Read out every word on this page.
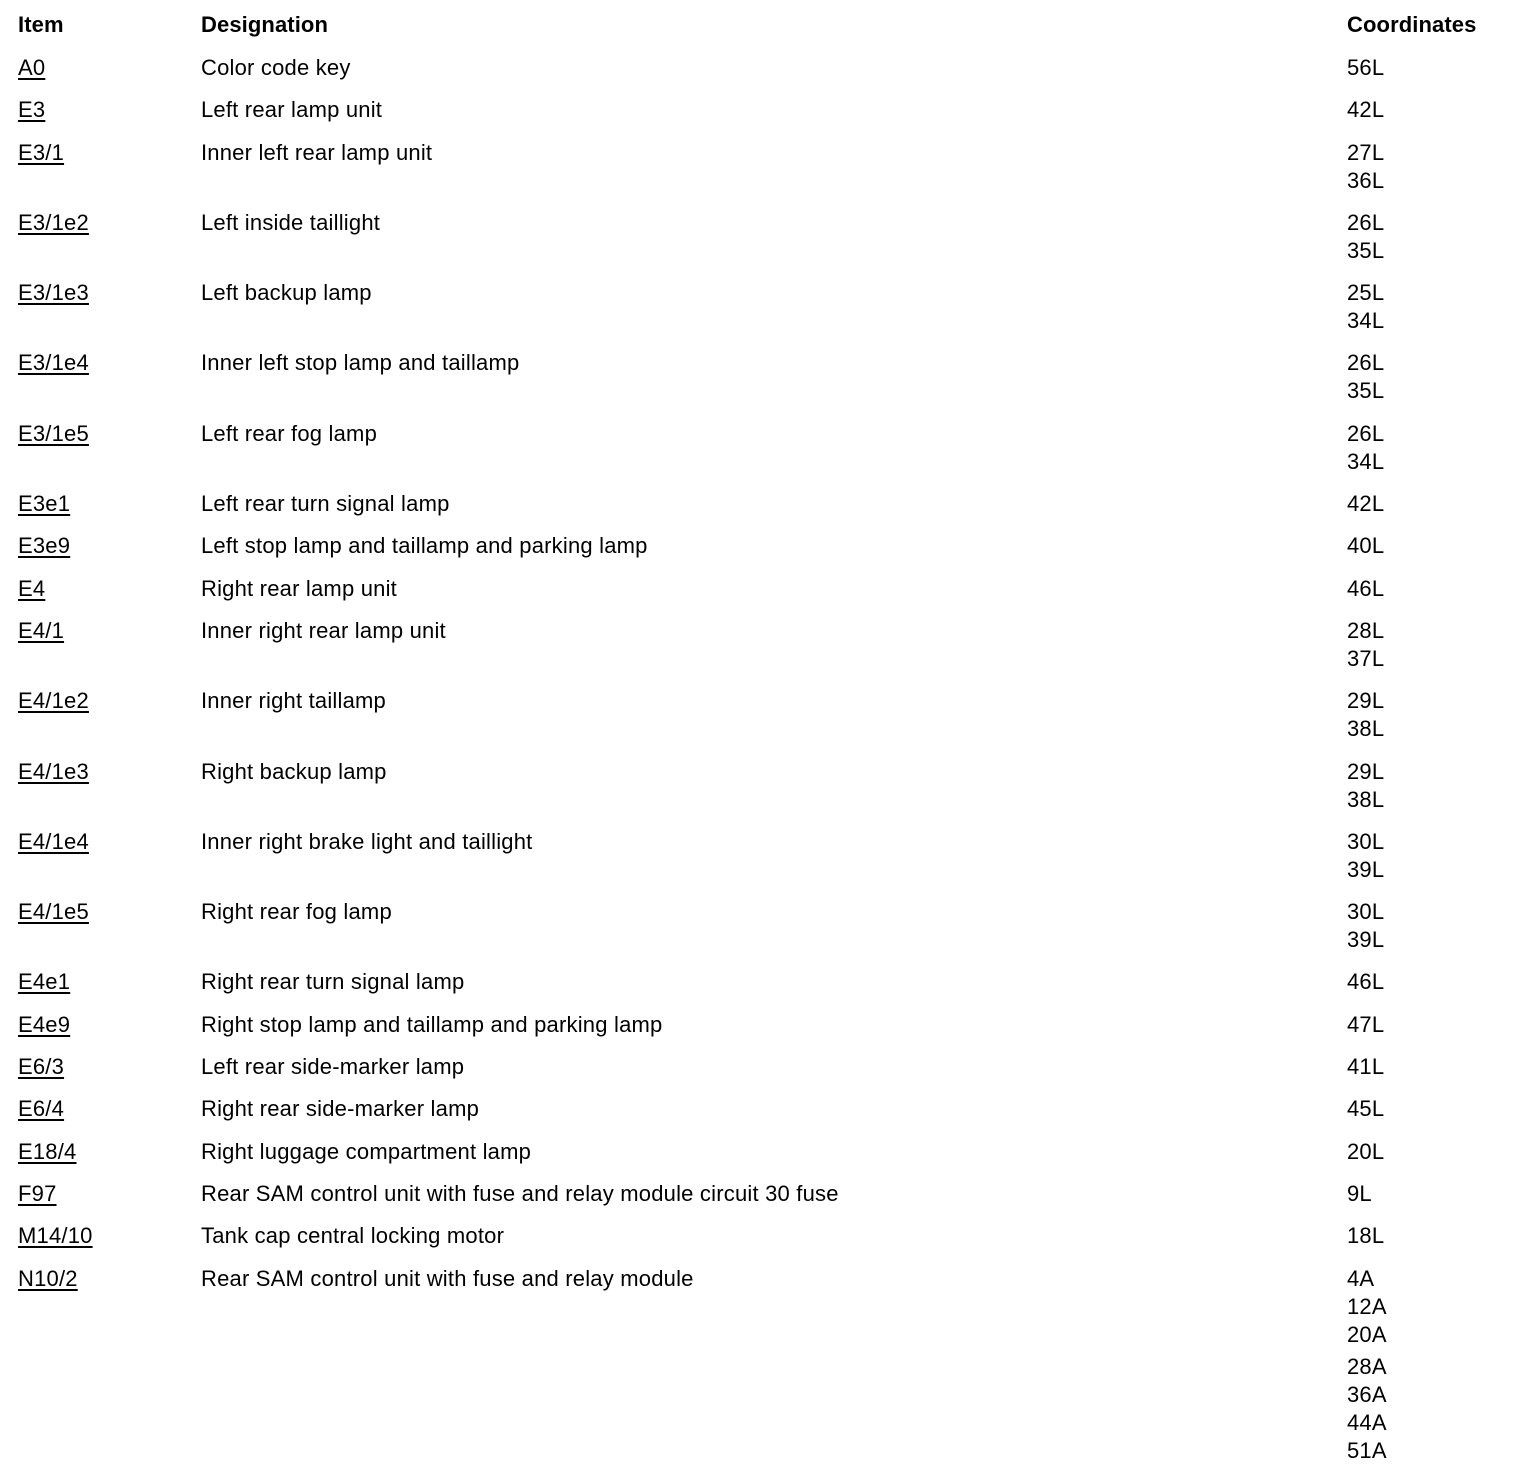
Item	Designation	Coordinates
A0	Color code key	56L
E3	Left rear lamp unit	42L
E3/1	Inner left rear lamp unit	27L
36L
E3/1e2	Left inside taillight	26L
35L
E3/1e3	Left backup lamp	25L
34L
E3/1e4	Inner left stop lamp and taillamp	26L
35L
E3/1e5	Left rear fog lamp	26L
34L
E3e1	Left rear turn signal lamp	42L
E3e9	Left stop lamp and taillamp and parking lamp	40L
E4	Right rear lamp unit	46L
E4/1	Inner right rear lamp unit	28L
37L
E4/1e2	Inner right taillamp	29L
38L
E4/1e3	Right backup lamp	29L
38L
E4/1e4	Inner right brake light and taillight	30L
39L
E4/1e5	Right rear fog lamp	30L
39L
E4e1	Right rear turn signal lamp	46L
E4e9	Right stop lamp and taillamp and parking lamp	47L
E6/3	Left rear side-marker lamp	41L
E6/4	Right rear side-marker lamp	45L
E18/4	Right luggage compartment lamp	20L
F97	Rear SAM control unit with fuse and relay module circuit 30 fuse	9L
M14/10	Tank cap central locking motor	18L
N10/2	Rear SAM control unit with fuse and relay module	4A
12A
20A
28A
36A
44A
51A
